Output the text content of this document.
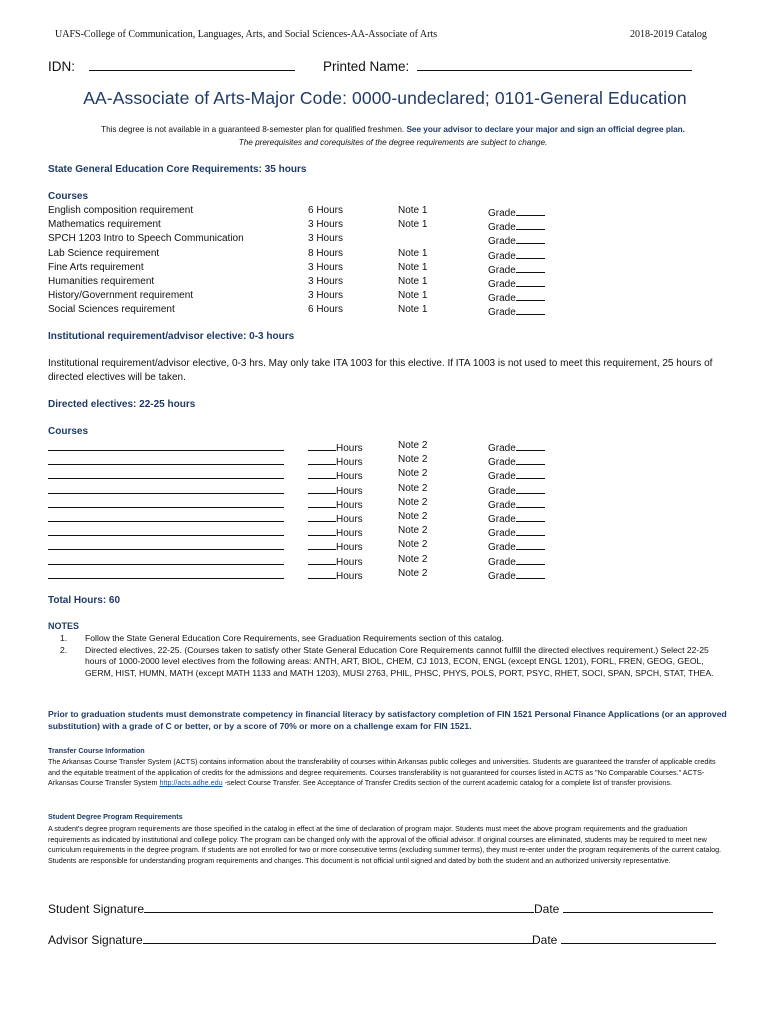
UAFS-College of Communication, Languages, Arts, and Social Sciences-AA-Associate of Arts	2018-2019 Catalog
IDN:	Printed Name:
AA-Associate of Arts-Major Code: 0000-undeclared; 0101-General Education
This degree is not available in a guaranteed 8-semester plan for qualified freshmen. See your advisor to declare your major and sign an official degree plan.
The prerequisites and corequisites of the degree requirements are subject to change.
State General Education Core Requirements: 35 hours
Courses
English composition requirement	6 Hours	Note 1	Grade
Mathematics requirement	3 Hours	Note 1	Grade
SPCH 1203 Intro to Speech Communication	3 Hours	Grade
Lab Science requirement	8 Hours	Note 1	Grade
Fine Arts requirement	3 Hours	Note 1	Grade
Humanities requirement	3 Hours	Note 1	Grade
History/Government requirement	3 Hours	Note 1	Grade
Social Sciences requirement	6 Hours	Note 1	Grade
Institutional requirement/advisor elective: 0-3 hours
Institutional requirement/advisor elective, 0-3 hrs. May only take ITA 1003 for this elective. If ITA 1003 is not used to meet this requirement, 25 hours of directed electives will be taken.
Directed electives: 22-25 hours
Courses
Hours	Note 2	Grade
Hours	Note 2	Grade
Hours	Note 2	Grade
Hours	Note 2	Grade
Hours	Note 2	Grade
Hours	Note 2	Grade
Hours	Note 2	Grade
Hours	Note 2	Grade
Hours	Note 2	Grade
Hours	Note 2	Grade
Total Hours: 60
NOTES
1. Follow the State General Education Core Requirements, see Graduation Requirements section of this catalog.
2. Directed electives, 22-25. (Courses taken to satisfy other State General Education Core Requirements cannot fulfill the directed electives requirement.) Select 22-25 hours of 1000-2000 level electives from the following areas: ANTH, ART, BIOL, CHEM, CJ 1013, ECON, ENGL (except ENGL 1201), FORL, FREN, GEOG, GEOL, GERM, HIST, HUMN, MATH (except MATH 1133 and MATH 1203), MUSI 2763, PHIL, PHSC, PHYS, POLS, PORT, PSYC, RHET, SOCI, SPAN, SPCH, STAT, THEA.
Prior to graduation students must demonstrate competency in financial literacy by satisfactory completion of FIN 1521 Personal Finance Applications (or an approved substitution) with a grade of C or better, or by a score of 70% or more on a challenge exam for FIN 1521.
Transfer Course Information
The Arkansas Course Transfer System (ACTS) contains information about the transferability of courses within Arkansas public colleges and universities. Students are guaranteed the transfer of applicable credits and the equitable treatment of the application of credits for the admissions and degree requirements. Courses transferability is not guaranteed for courses listed in ACTS as "No Comparable Courses." ACTS-Arkansas Course Transfer System http://acts.adhe.edu -select Course Transfer. See Acceptance of Transfer Credits section of the current academic catalog for a complete list of transfer provisions.
Student Degree Program Requirements
A student's degree program requirements are those specified in the catalog in effect at the time of declaration of program major. Students must meet the above program requirements and the graduation requirements as indicated by institutional and college policy. The program can be changed only with the approval of the official advisor. If original courses are eliminated, students may be required to meet new curriculum requirements in the degree program. If students are not enrolled for two or more consecutive terms (excluding summer terms), they must re-enter under the program requirements of the current catalog. Students are responsible for understanding program requirements and changes. This document is not official until signed and dated by both the student and an authorized university representative.
Student Signature	Date
Advisor Signature	Date
